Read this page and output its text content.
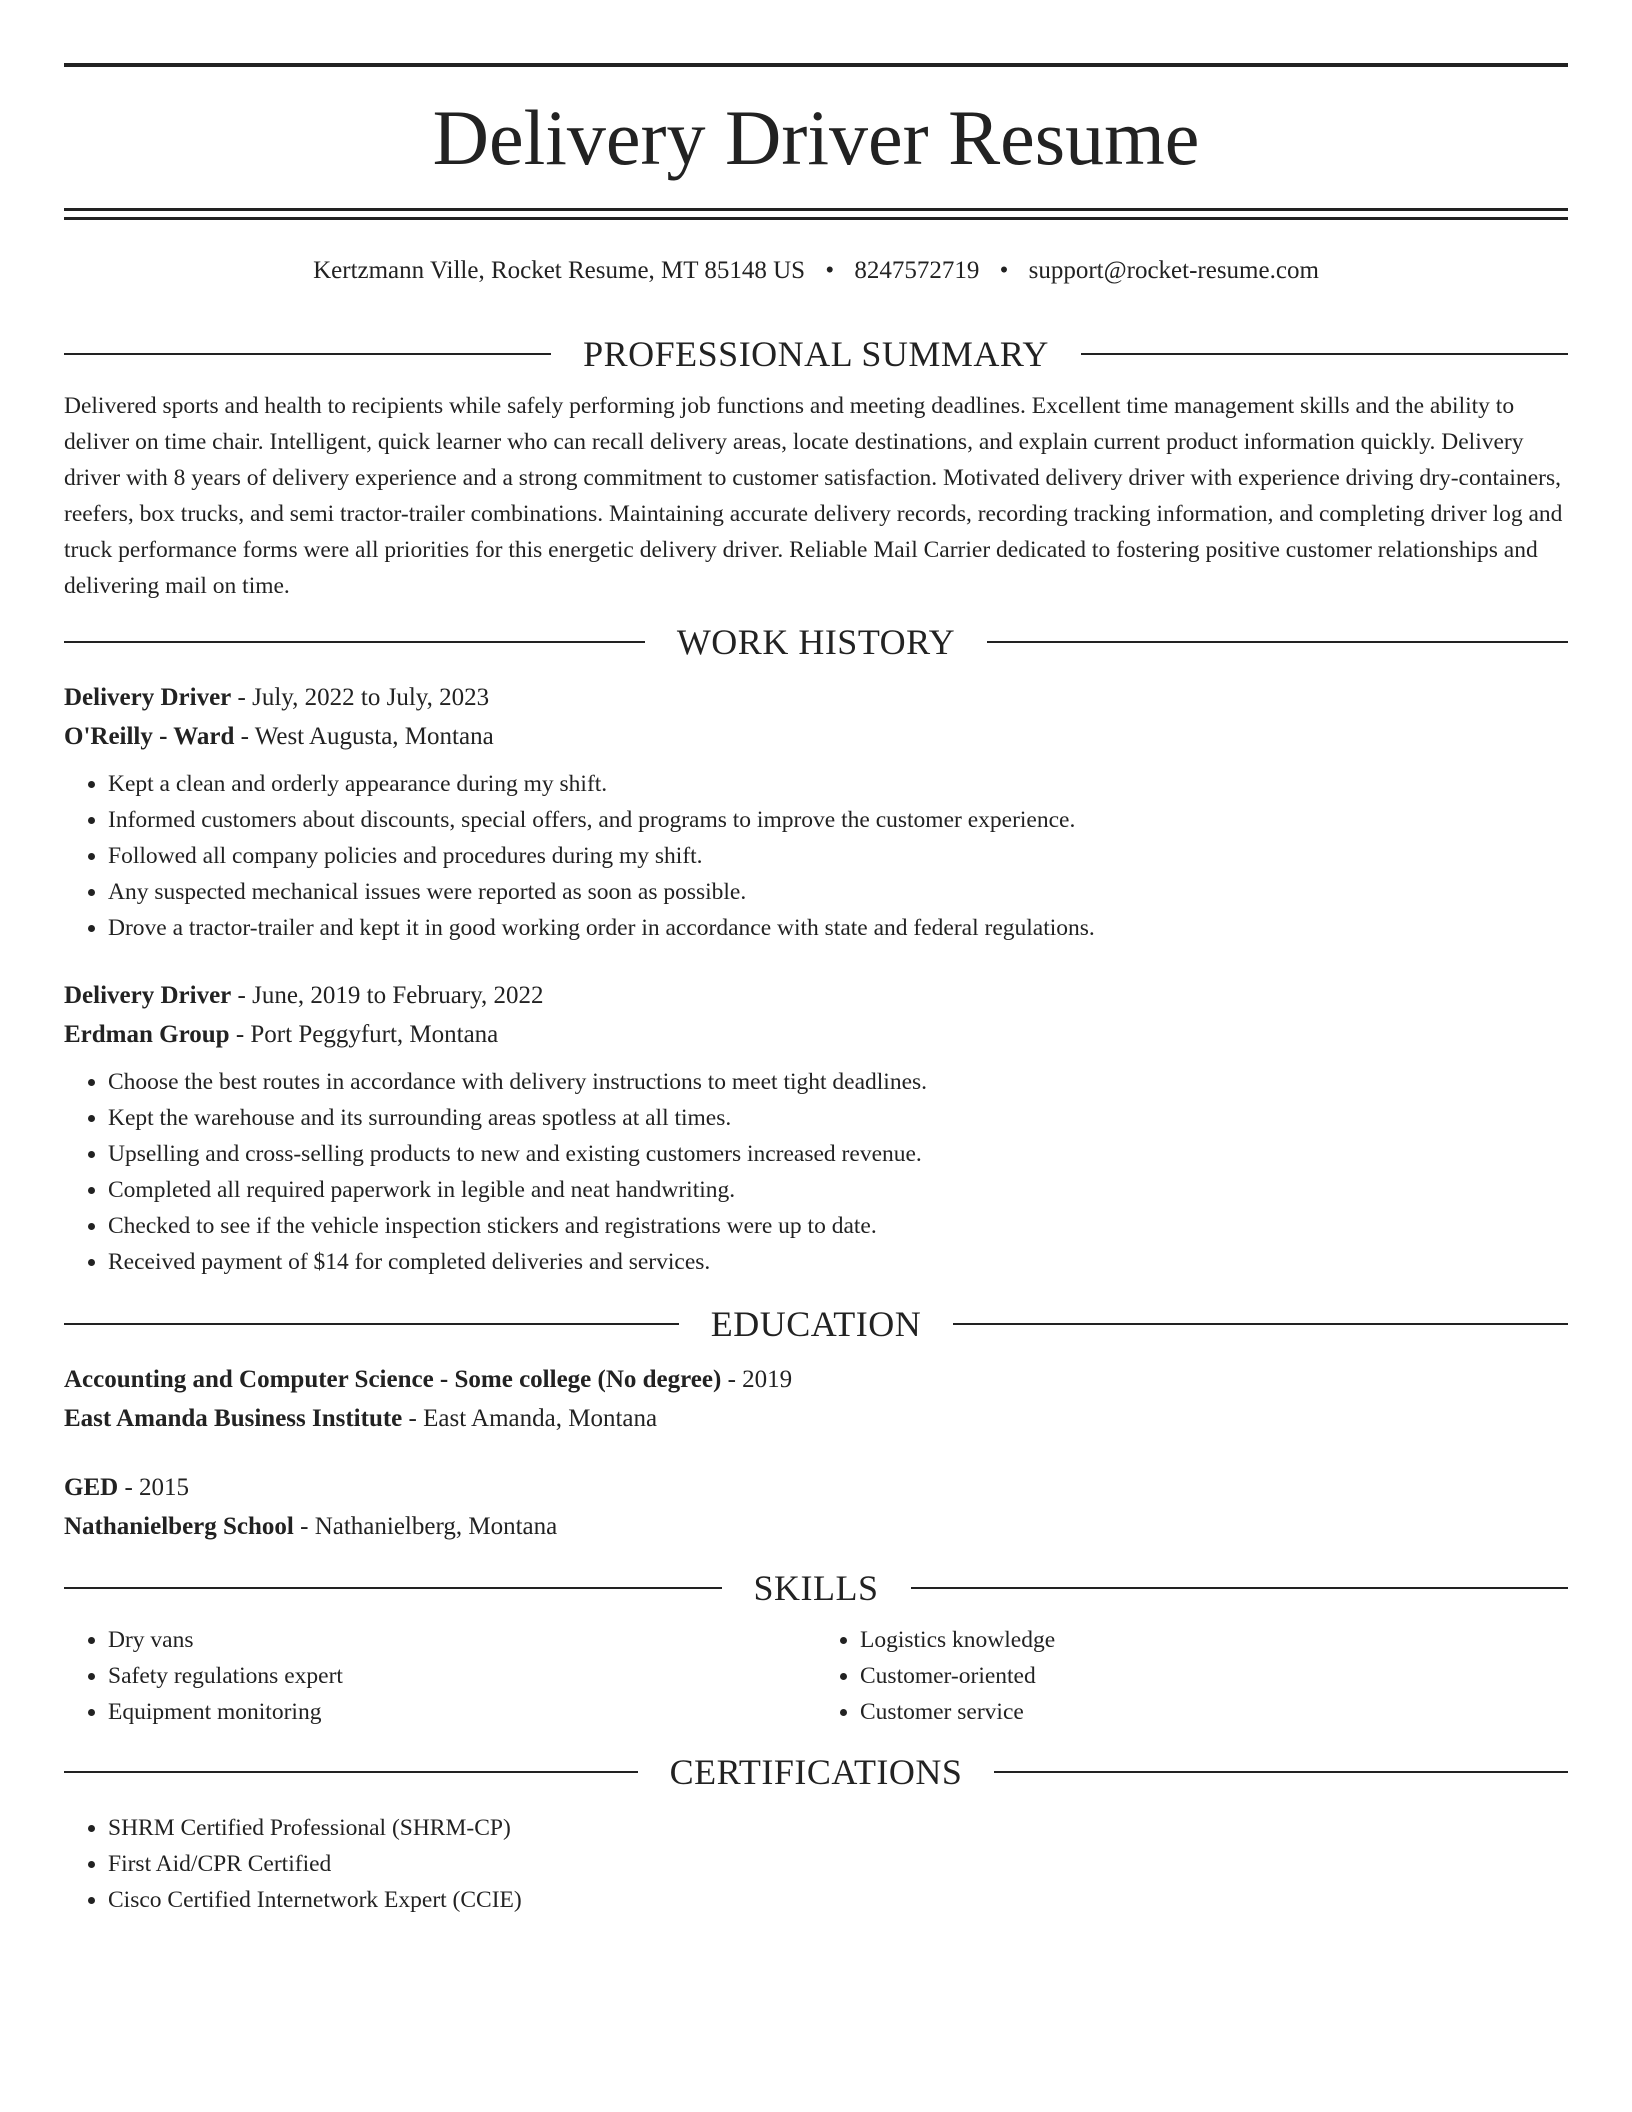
Delivery Driver Resume
Kertzmann Ville, Rocket Resume, MT 85148 US • 8247572719 • support@rocket-resume.com
PROFESSIONAL SUMMARY

Delivered sports and health to recipients while safely performing job functions and meeting deadlines. Excellent time management skills and the ability to deliver on time chair. Intelligent, quick learner who can recall delivery areas, locate destinations, and explain current product information quickly. Delivery driver with 8 years of delivery experience and a strong commitment to customer satisfaction. Motivated delivery driver with experience driving dry-containers, reefers, box trucks, and semi tractor-trailer combinations. Maintaining accurate delivery records, recording tracking information, and completing driver log and truck performance forms were all priorities for this energetic delivery driver. Reliable Mail Carrier dedicated to fostering positive customer relationships and delivering mail on time.

WORK HISTORY
Delivery Driver - July, 2022 to July, 2023
O'Reilly - Ward - West Augusta, Montana
• Kept a clean and orderly appearance during my shift.
• Informed customers about discounts, special offers, and programs to improve the customer experience.
• Followed all company policies and procedures during my shift.
• Any suspected mechanical issues were reported as soon as possible.
• Drove a tractor-trailer and kept it in good working order in accordance with state and federal regulations.
Delivery Driver - June, 2019 to February, 2022
Erdman Group - Port Peggyfurt, Montana
• Choose the best routes in accordance with delivery instructions to meet tight deadlines.
• Kept the warehouse and its surrounding areas spotless at all times.
• Upselling and cross-selling products to new and existing customers increased revenue.
• Completed all required paperwork in legible and neat handwriting.
• Checked to see if the vehicle inspection stickers and registrations were up to date.
• Received payment of $14 for completed deliveries and services.
EDUCATION
Accounting and Computer Science - Some college (No degree) - 2019
East Amanda Business Institute - East Amanda, Montana
GED - 2015
Nathanielberg School - Nathanielberg, Montana
SKILLS
• Dry vans
• Safety regulations expert
• Equipment monitoring
• Logistics knowledge
• Customer-oriented
• Customer service
CERTIFICATIONS
• SHRM Certified Professional (SHRM-CP)
• First Aid/CPR Certified
• Cisco Certified Internetwork Expert (CCIE)
